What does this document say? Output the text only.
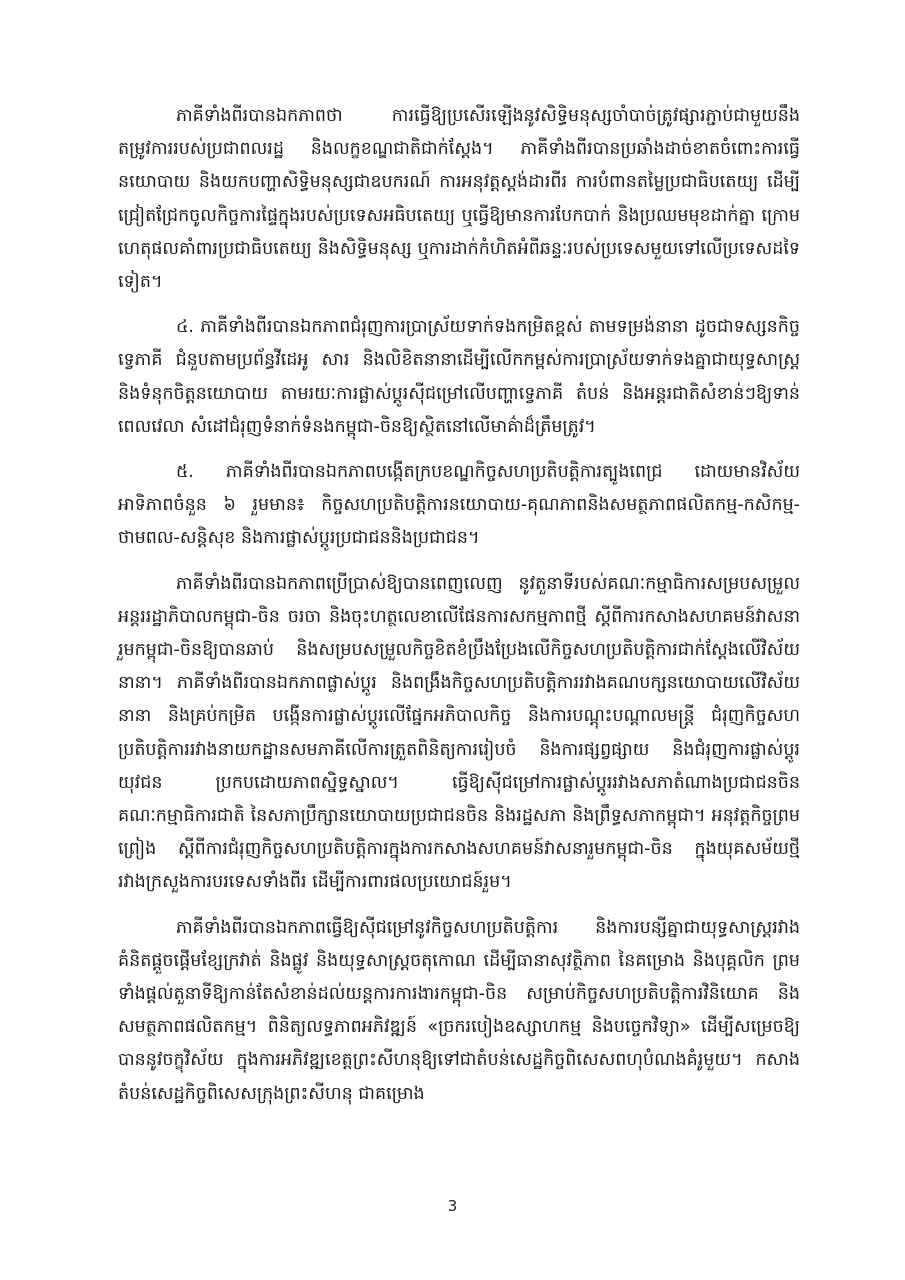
ភាគីទាំងពីរបានឯកភាពថា ការធ្វើឱ្យប្រសើរឡើងនូវសិទ្ធិមនុស្សចាំបាច់ត្រូវផ្សារភ្ជាប់ជាមួយនឹងតម្រូវការរបស់ប្រជាពលរដ្ឋ និងលក្ខខណ្ឌជាតិជាក់ស្តែង។ ភាគីទាំងពីរបានប្រឆាំងដាច់ខាតចំពោះការធ្វើនយោបាយ និងយកបញ្ហាសិទ្ធិមនុស្សជាឧបករណ៍ ការអនុវត្តស្តង់ដារពីរ ការបំពានតម្លៃប្រជាធិបតេយ្យ ដើម្បីជ្រៀតជ្រែកចូលកិច្ចការផ្ទៃក្នុងរបស់ប្រទេសអធិបតេយ្យ ឬធ្វើឱ្យមានការបែកបាក់ និងប្រឈមមុខដាក់គ្នា ក្រោមហេតុផលគាំពារប្រជាធិបតេយ្យ និងសិទ្ធិមនុស្ស ឬការដាក់កំហិតអំពីឆន្ទៈរបស់ប្រទេសមួយទៅលើប្រទេសដទៃទៀត។

៤. ភាគីទាំងពីរបានឯកភាពជំរុញការប្រាស្រ័យទាក់ទងកម្រិតខ្ពស់ តាមទម្រង់នានា ដូចជាទស្សនកិច្ចទ្វេភាគី ជំនួបតាមប្រព័ន្ធវីដេអូ សារ និងលិខិតនានាដើម្បីលើកកម្ពស់ការប្រាស្រ័យទាក់ទងគ្នាជាយុទ្ធសាស្ត្រ និងទំនុកចិត្តនយោបាយ តាមរយៈការផ្លាស់ប្តូរស៊ីជម្រៅលើបញ្ហាទ្វេភាគី តំបន់ និងអន្តរជាតិសំខាន់ៗឱ្យទាន់ពេលវេលា សំដៅជំរុញទំនាក់ទំនងកម្ពុជា-ចិនឱ្យស្ថិតនៅលើមាគ៌ាដ៏ត្រឹមត្រូវ។

៥. ភាគីទាំងពីរបានឯកភាពបង្កើតក្របខណ្ឌកិច្ចសហប្រតិបត្តិការត្បូងពេជ្រ ដោយមានវិស័យអាទិភាពចំនួន ៦ រួមមាន៖ កិច្ចសហប្រតិបត្តិការនយោបាយ-គុណភាពនិងសមត្ថភាពផលិតកម្ម-កសិកម្ម-ថាមពល-សន្តិសុខ និងការផ្លាស់ប្តូរប្រជាជននិងប្រជាជន។

ភាគីទាំងពីរបានឯកភាពប្រើប្រាស់ឱ្យបានពេញលេញ នូវតួនាទីរបស់គណៈកម្មាធិការសម្របសម្រួលអន្តររដ្ឋាភិបាលកម្ពុជា-ចិន ចរចា និងចុះហត្ថលេខាលើផែនការសកម្មភាពថ្មី ស្តីពីការកសាងសហគមន៍វាសនារួមកម្ពុជា-ចិនឱ្យបានឆាប់ និងសម្របសម្រួលកិច្ចខិតខំប្រឹងប្រែងលើកិច្ចសហប្រតិបត្តិការជាក់ស្តែងលើវិស័យនានា។ ភាគីទាំងពីរបានឯកភាពផ្លាស់ប្តូរ និងពង្រឹងកិច្ចសហប្រតិបត្តិការរវាងគណបក្សនយោបាយលើវិស័យនានា និងគ្រប់កម្រិត បង្កើនការផ្លាស់ប្តូរលើផ្នែកអភិបាលកិច្ច និងការបណ្តុះបណ្តាលមន្ត្រី ជំរុញកិច្ចសហប្រតិបត្តិការរវាងនាយកដ្ឋានសមភាគីលើការត្រួតពិនិត្យការរៀបចំ និងការផ្សព្វផ្សាយ និងជំរុញការផ្លាស់ប្តូរយុវជន ប្រកបដោយភាពស្និទ្ធស្នាល។ ធ្វើឱ្យស៊ីជម្រៅការផ្លាស់ប្តូររវាងសភាតំណាងប្រជាជនចិន គណៈកម្មាធិការជាតិ នៃសភាប្រឹក្សានយោបាយប្រជាជនចិន និងរដ្ឋសភា និងព្រឹទ្ធសភាកម្ពុជា។ អនុវត្តកិច្ចព្រមព្រៀង ស្តីពីការជំរុញកិច្ចសហប្រតិបត្តិការក្នុងការកសាងសហគមន៍វាសនារួមកម្ពុជា-ចិន ក្នុងយុគសម័យថ្មី រវាងក្រសួងការបរទេសទាំងពីរ ដើម្បីការពារផលប្រយោជន៍រួម។

ភាគីទាំងពីរបានឯកភាពធ្វើឱ្យស៊ីជម្រៅនូវកិច្ចសហប្រតិបត្តិការ និងការបន្សីគ្នាជាយុទ្ធសាស្ត្ររវាងគំនិតផ្តួចផ្តើមខ្សែក្រវាត់ និងផ្លូវ និងយុទ្ធសាស្ត្រចតុកោណ ដើម្បីធានាសុវត្ថិភាព នៃគម្រោង និងបុគ្គលិក ព្រមទាំងផ្តល់តួនាទីឱ្យកាន់តែសំខាន់ដល់យន្តការការងារកម្ពុជា-ចិន សម្រាប់កិច្ចសហប្រតិបត្តិការវិនិយោគ និងសមត្ថភាពផលិតកម្ម។ ពិនិត្យលទ្ធភាពអភិវឌ្ឍន៍ «ច្រករបៀងឧស្សាហកម្ម និងបច្ចេកវិទ្យា» ដើម្បីសម្រេចឱ្យបាននូវចក្ខុវិស័យ ក្នុងការអភិវឌ្ឍខេត្តព្រះសីហនុឱ្យទៅជាតំបន់សេដ្ឋកិច្ចពិសេសពហុបំណងគំរូមួយ។ កសាងតំបន់សេដ្ឋកិច្ចពិសេសក្រុងព្រះសីហនុ ជាគម្រោង

3
